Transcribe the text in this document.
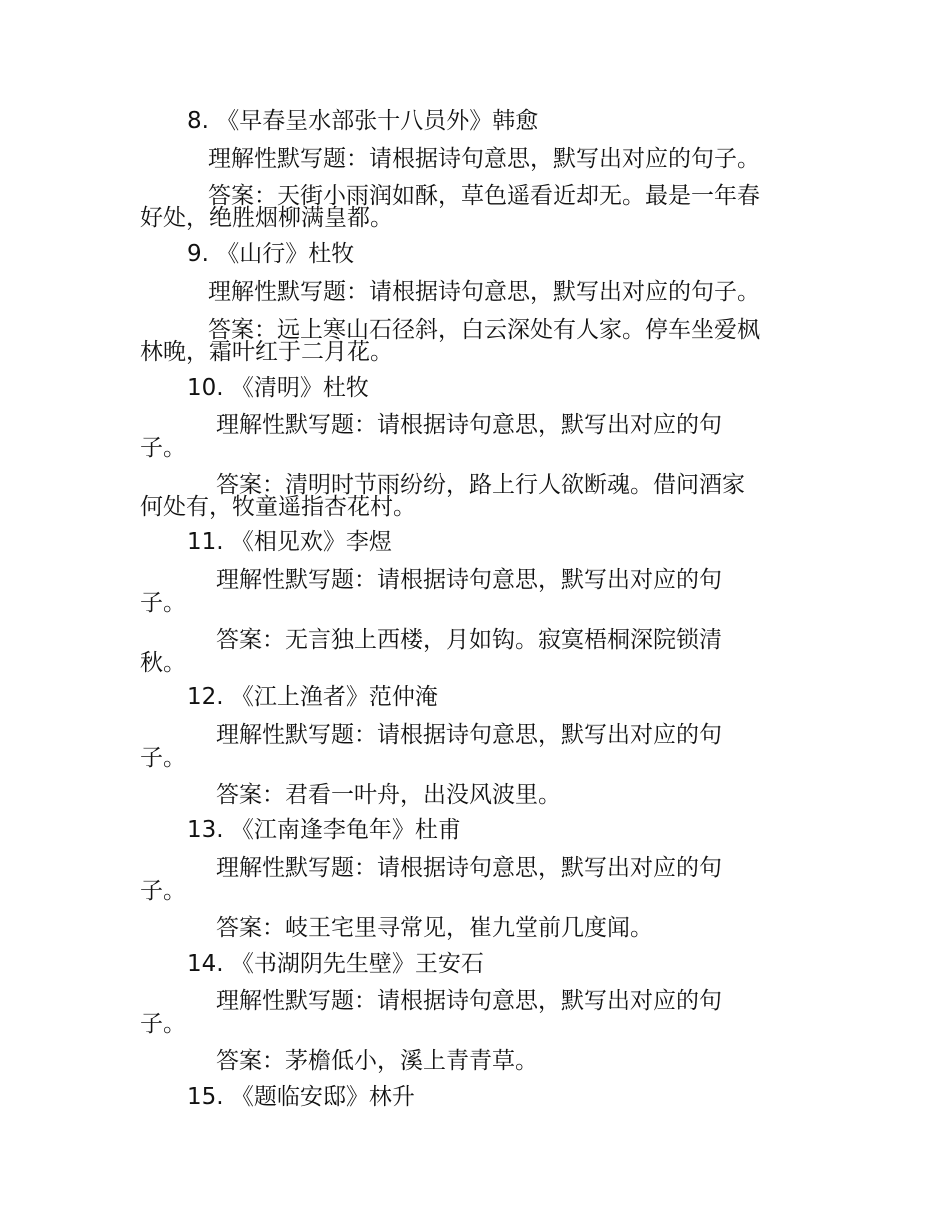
8. 《早春呈水部张十八员外》韩愈
理解性默写题：请根据诗句意思，默写出对应的句子。
答案：天街小雨润如酥，草色遥看近却无。最是一年春
好处，绝胜烟柳满皇都。
9. 《山行》杜牧
理解性默写题：请根据诗句意思，默写出对应的句子。
答案：远上寒山石径斜，白云深处有人家。停车坐爱枫
林晚，霜叶红于二月花。
10. 《清明》杜牧
理解性默写题：请根据诗句意思，默写出对应的句
子。
答案：清明时节雨纷纷，路上行人欲断魂。借问酒家
何处有，牧童遥指杏花村。
11. 《相见欢》李煜
理解性默写题：请根据诗句意思，默写出对应的句
子。
答案：无言独上西楼，月如钩。寂寞梧桐深院锁清
秋。
12. 《江上渔者》范仲淹
理解性默写题：请根据诗句意思，默写出对应的句
子。
答案：君看一叶舟，出没风波里。
13. 《江南逢李龟年》杜甫
理解性默写题：请根据诗句意思，默写出对应的句
子。
答案：岐王宅里寻常见，崔九堂前几度闻。
14. 《书湖阴先生壁》王安石
理解性默写题：请根据诗句意思，默写出对应的句
子。
答案：茅檐低小，溪上青青草。
15. 《题临安邸》林升
